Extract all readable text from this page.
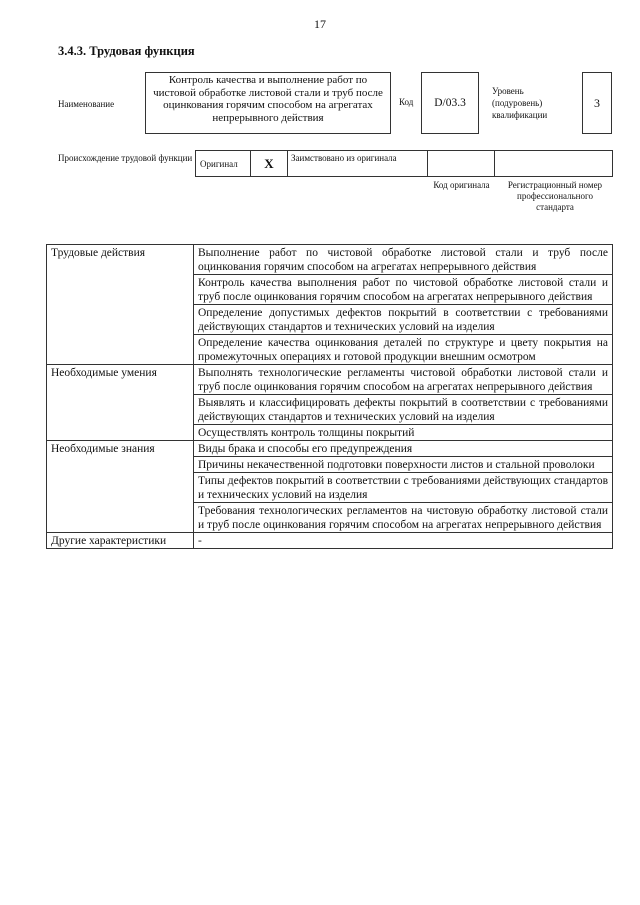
17
3.4.3. Трудовая функция
Наименование
Контроль качества и выполнение работ по чистовой обработке листовой стали и труб после оцинкования горячим способом на агрегатах непрерывного действия
Код	D/03.3
Уровень (подуровень) квалификации
3
Происхождение трудовой функции
Оригинал	X	Заимствовано из оригинала
Код оригинала	Регистрационный номер профессионального стандарта
Трудовые действия	Выполнение работ по чистовой обработке листовой стали и труб после оцинкования горячим способом на агрегатах непрерывного действия
	Контроль качества выполнения работ по чистовой обработке листовой стали и труб после оцинкования горячим способом на агрегатах непрерывного действия
	Определение допустимых дефектов покрытий в соответствии с требованиями действующих стандартов и технических условий на изделия
	Определение качества оцинкования деталей по структуре и цвету покрытия на промежуточных операциях и готовой продукции внешним осмотром
Необходимые умения	Выполнять технологические регламенты чистовой обработки листовой стали и труб после оцинкования горячим способом на агрегатах непрерывного действия
	Выявлять и классифицировать дефекты покрытий в соответствии с требованиями действующих стандартов и технических условий на изделия
	Осуществлять контроль толщины покрытий
Необходимые знания	Виды брака и способы его предупреждения
	Причины некачественной подготовки поверхности листов и стальной проволоки
	Типы дефектов покрытий в соответствии с требованиями действующих стандартов и технических условий на изделия
	Требования технологических регламентов на чистовую обработку листовой стали и труб после оцинкования горячим способом на агрегатах непрерывного действия
Другие характеристики	-
